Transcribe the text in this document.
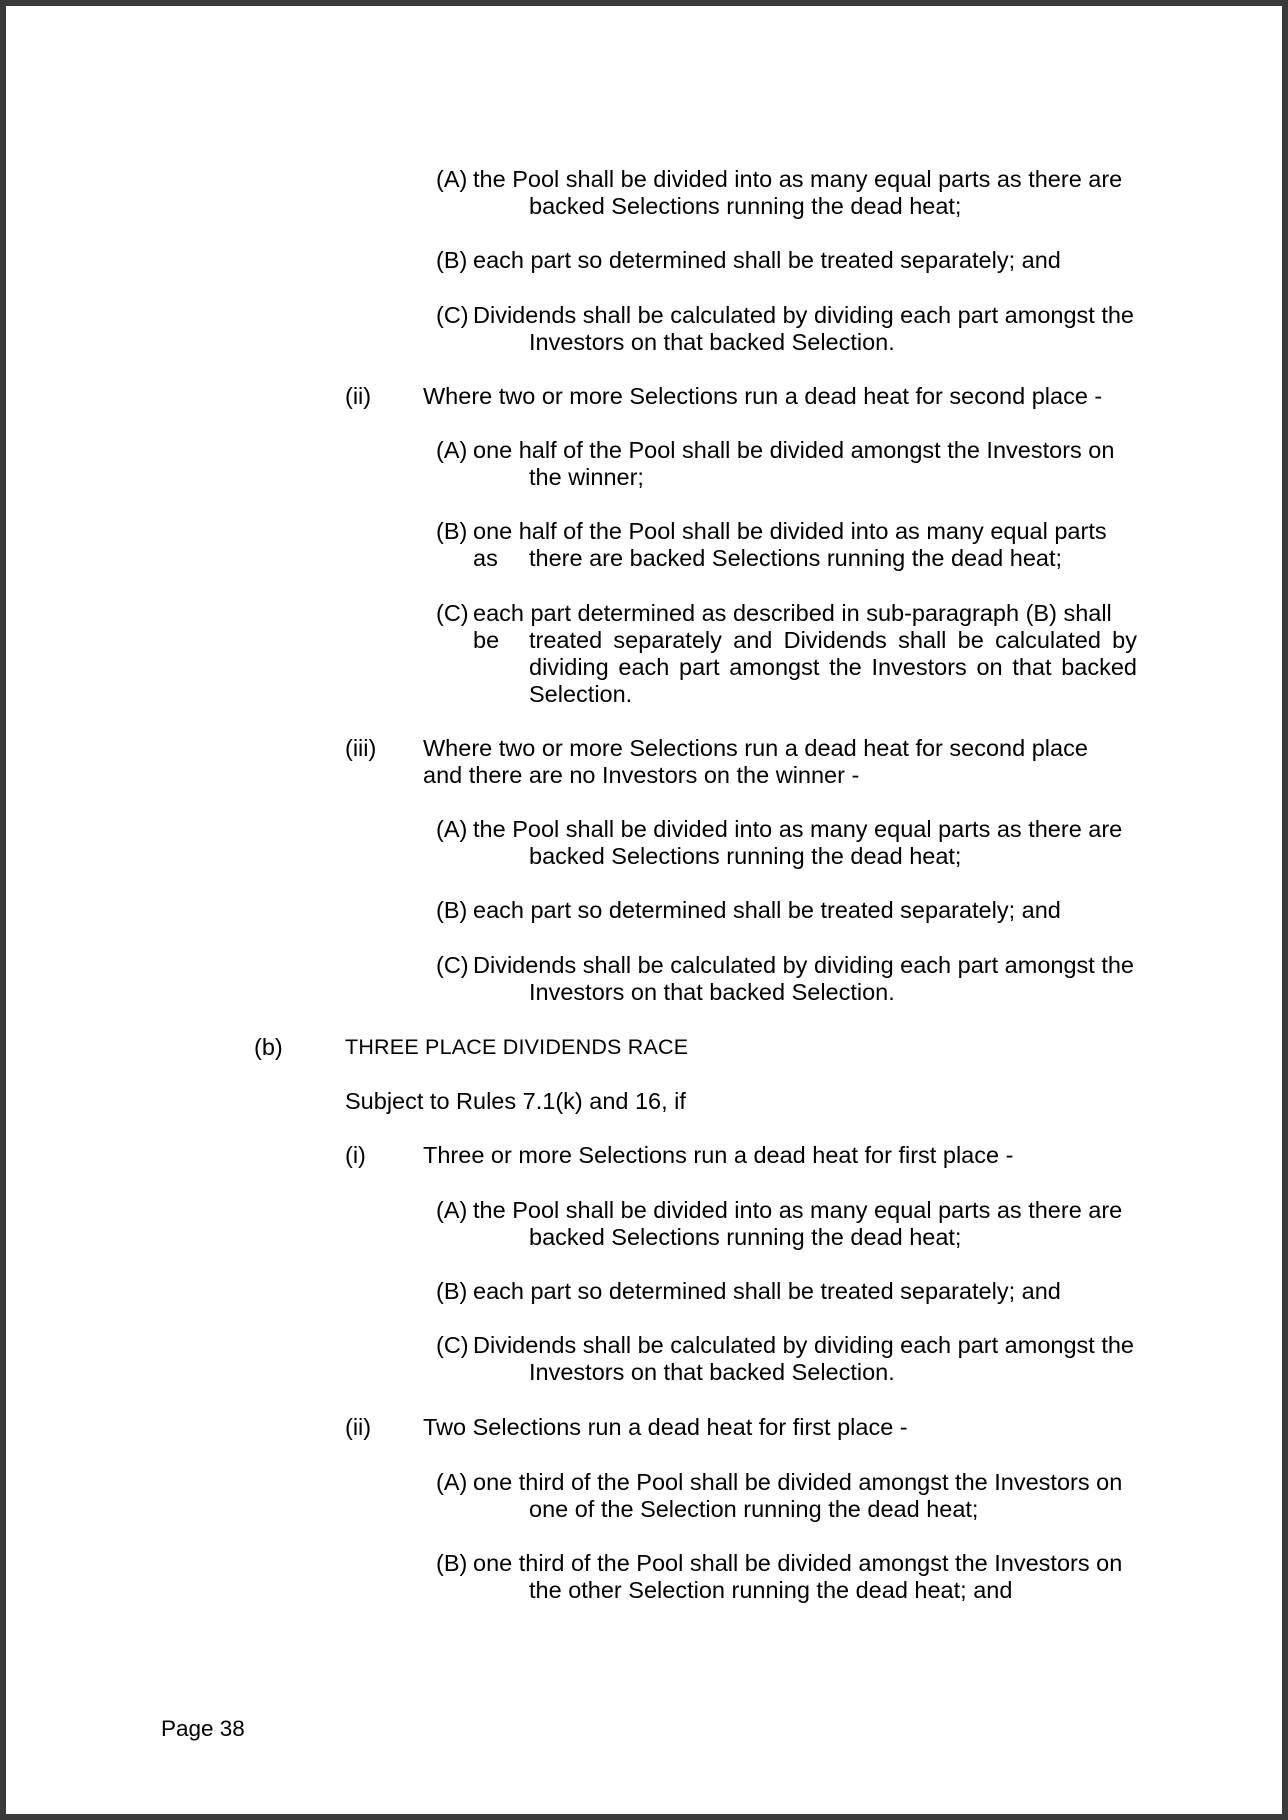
(A) the Pool shall be divided into as many equal parts as there are
backed Selections running the dead heat;
(B) each part so determined shall be treated separately; and
(C) Dividends shall be calculated by dividing each part amongst the
Investors on that backed Selection.
(ii) Where two or more Selections run a dead heat for second place -
(A) one half of the Pool shall be divided amongst the Investors on
the winner;
(B) one half of the Pool shall be divided into as many equal parts as	there are backed Selections running the dead heat;
(C) each part determined as described in sub-paragraph (B) shall be	treated separately and Dividends shall be calculated by dividing each part amongst the Investors on that backed Selection.
(iii) Where two or more Selections run a dead heat for second place
and there are no Investors on the winner -
(A) the Pool shall be divided into as many equal parts as there are
backed Selections running the dead heat;
(B) each part so determined shall be treated separately; and
(C) Dividends shall be calculated by dividing each part amongst the
Investors on that backed Selection.
(b)	THREE PLACE DIVIDENDS RACE
Subject to Rules 7.1(k) and 16, if
(i) Three or more Selections run a dead heat for first place -
(A) the Pool shall be divided into as many equal parts as there are
backed Selections running the dead heat;
(B) each part so determined shall be treated separately; and
(C) Dividends shall be calculated by dividing each part amongst the
Investors on that backed Selection.
(ii) Two Selections run a dead heat for first place -
(A) one third of the Pool shall be divided amongst the Investors on
one of the Selection running the dead heat;
(B) one third of the Pool shall be divided amongst the Investors on
the other Selection running the dead heat; and
Page 38
